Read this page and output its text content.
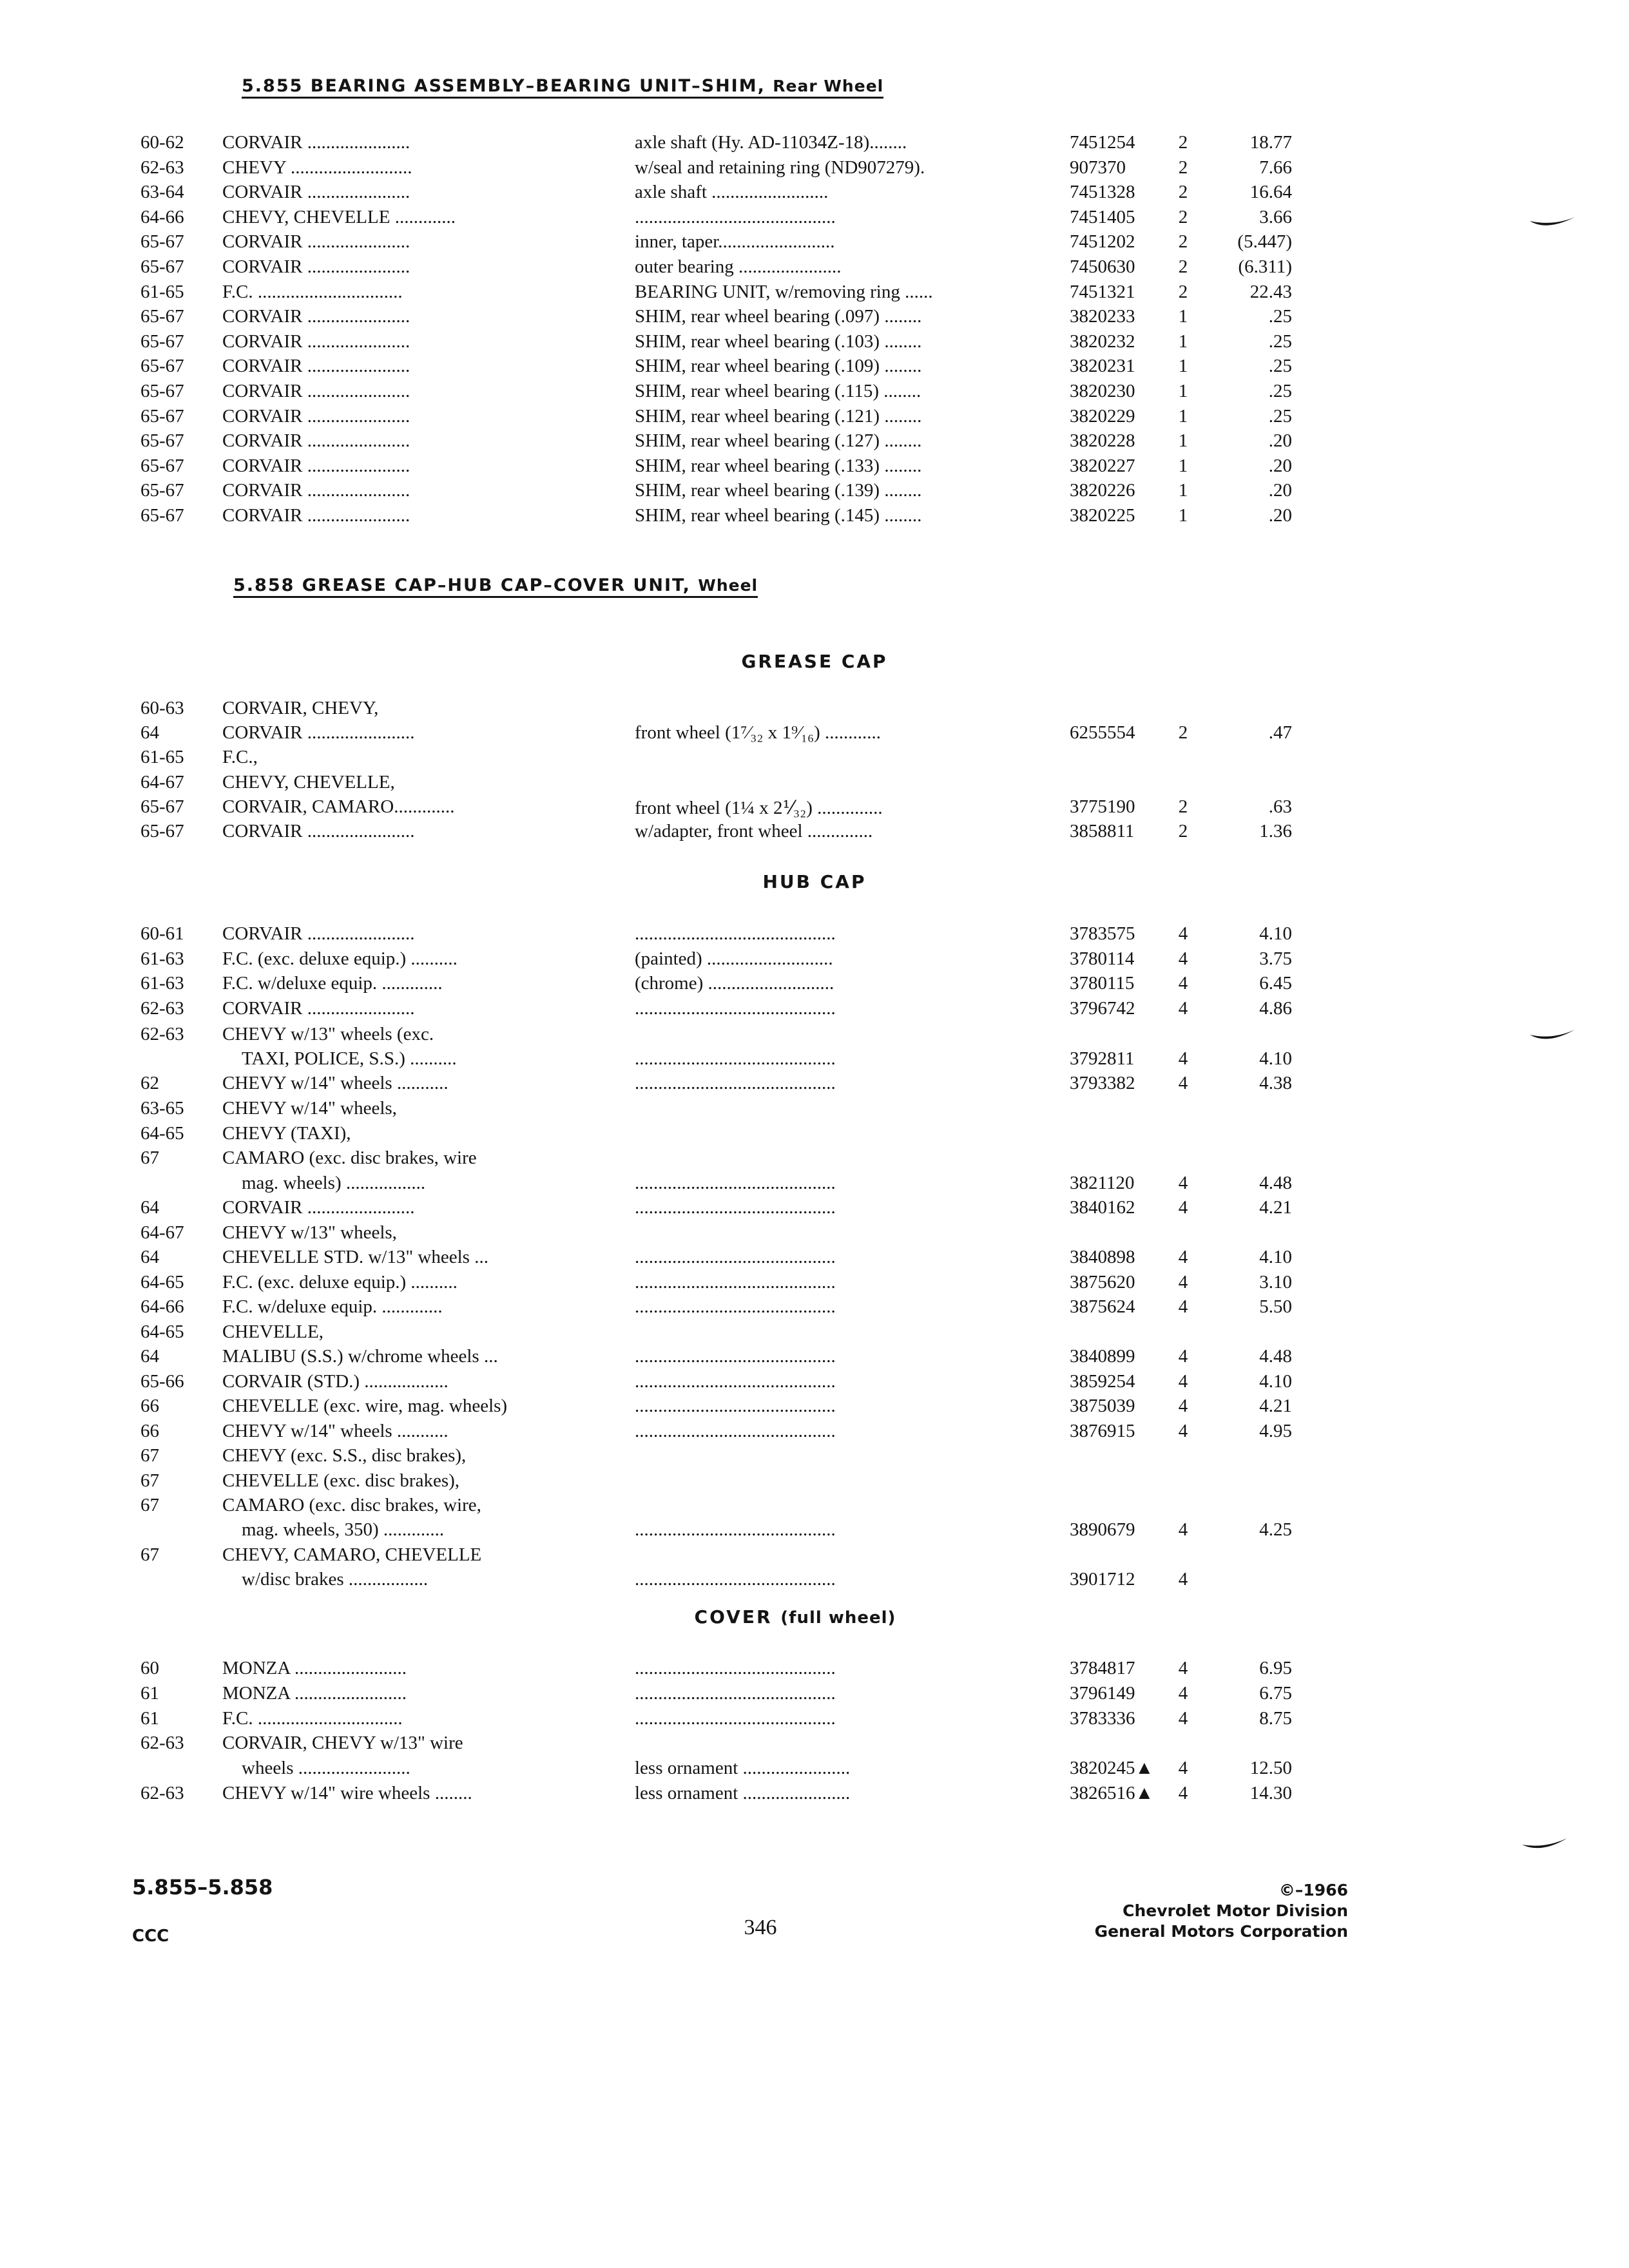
5.855 BEARING ASSEMBLY–BEARING UNIT–SHIM, Rear Wheel
60-62 CORVAIR ......................	axle shaft (Hy. AD-11034Z-18)........	7451254	2	18.77
62-63 CHEVY ..........................	w/seal and retaining ring (ND907279).	907370	2	7.66
63-64 CORVAIR ......................	axle shaft .........................	7451328	2	16.64
64-66 CHEVY, CHEVELLE .............	...........................................	7451405	2	3.66
65-67 CORVAIR ......................	inner, taper.........................	7451202	2	(5.447)
65-67 CORVAIR ......................	outer bearing ......................	7450630	2	(6.311)
61-65 F.C. ...............................	BEARING UNIT, w/removing ring ......	7451321	2	22.43
65-67 CORVAIR ......................	SHIM, rear wheel bearing (.097) ........	3820233	1	.25
65-67 CORVAIR ......................	SHIM, rear wheel bearing (.103) ........	3820232	1	.25
65-67 CORVAIR ......................	SHIM, rear wheel bearing (.109) ........	3820231	1	.25
65-67 CORVAIR ......................	SHIM, rear wheel bearing (.115) ........	3820230	1	.25
65-67 CORVAIR ......................	SHIM, rear wheel bearing (.121) ........	3820229	1	.25
65-67 CORVAIR ......................	SHIM, rear wheel bearing (.127) ........	3820228	1	.20
65-67 CORVAIR ......................	SHIM, rear wheel bearing (.133) ........	3820227	1	.20
65-67 CORVAIR ......................	SHIM, rear wheel bearing (.139) ........	3820226	1	.20
65-67 CORVAIR ......................	SHIM, rear wheel bearing (.145) ........	3820225	1	.20
5.858 GREASE CAP–HUB CAP–COVER UNIT, Wheel
GREASE CAP
60-63 CORVAIR, CHEVY,
64	CORVAIR .......................	front wheel (1⁷⁄₃₂ x 1⁹⁄₁₆) ............	6255554	2	.47
61-65 F.C.,
64-67 CHEVY, CHEVELLE,
65-67 CORVAIR, CAMARO.............	front wheel (1¼ x 2⅟₃₂) ..............	3775190	2	.63
65-67 CORVAIR .......................	w/adapter, front wheel ..............	3858811	2	1.36
HUB CAP
60-61 CORVAIR .......................	...........................................	3783575	4	4.10
61-63 F.C. (exc. deluxe equip.) ..........	(painted) ...........................	3780114	4	3.75
61-63 F.C. w/deluxe equip. .............	(chrome) ...........................	3780115	4	6.45
62-63 CORVAIR .......................	...........................................	3796742	4	4.86
62-63 CHEVY w/13" wheels (exc.
TAXI, POLICE, S.S.) ..........	...........................................	3792811	4	4.10
62	CHEVY w/14" wheels ...........	...........................................	3793382	4	4.38
63-65 CHEVY w/14" wheels,
64-65 CHEVY (TAXI),
67	CAMARO (exc. disc brakes, wire
mag. wheels) .................	...........................................	3821120	4	4.48
64	CORVAIR .......................	...........................................	3840162	4	4.21
64-67 CHEVY w/13" wheels,
64	CHEVELLE STD. w/13" wheels ...	...........................................	3840898	4	4.10
64-65 F.C. (exc. deluxe equip.) ..........	...........................................	3875620	4	3.10
64-66 F.C. w/deluxe equip. .............	...........................................	3875624	4	5.50
64-65 CHEVELLE,
64	MALIBU (S.S.) w/chrome wheels ...	...........................................	3840899	4	4.48
65-66 CORVAIR (STD.) ..................	...........................................	3859254	4	4.10
66	CHEVELLE (exc. wire, mag. wheels)	...........................................	3875039	4	4.21
66	CHEVY w/14" wheels ...........	...........................................	3876915	4	4.95
67	CHEVY (exc. S.S., disc brakes),
67	CHEVELLE (exc. disc brakes),
67	CAMARO (exc. disc brakes, wire,
mag. wheels, 350) .............	...........................................	3890679	4	4.25
67	CHEVY, CAMARO, CHEVELLE
w/disc brakes .................	...........................................	3901712	4
COVER (full wheel)
60	MONZA ........................	...........................................	3784817	4	6.95
61	MONZA ........................	...........................................	3796149	4	6.75
61	F.C. ...............................	...........................................	3783336	4	8.75
62-63 CORVAIR, CHEVY w/13" wire
wheels ........................	less ornament .......................	3820245▲	4	12.50
62-63 CHEVY w/14" wire wheels ........	less ornament .......................	3826516▲	4	14.30
5.855–5.858
CCC	346
©–1966
Chevrolet Motor Division
General Motors Corporation
